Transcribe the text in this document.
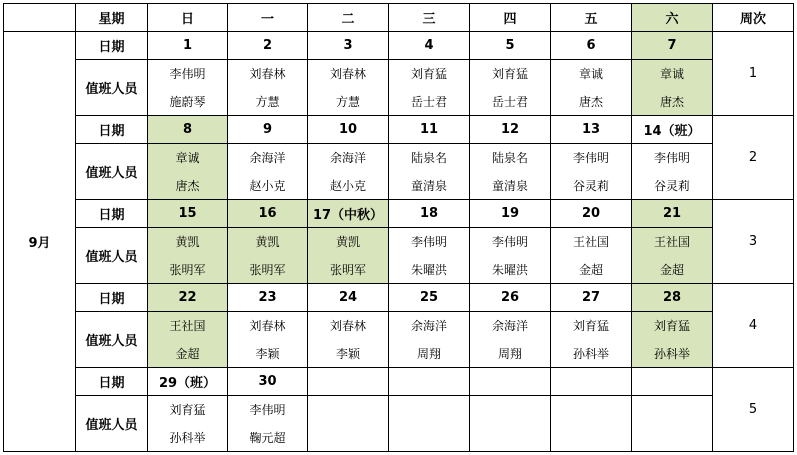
	星期	日	一	二	三	四	五	六	周次
9月	日期	1	2	3	4	5	6	7	1
	值班人员	李伟明	刘春林	刘春林	刘育猛	刘育猛	章诚	章诚	
		施蔚琴	方慧	方慧	岳士君	岳士君	唐杰	唐杰	
	日期	8	9	10	11	12	13	14（班）	2
	值班人员	章诚	余海洋	余海洋	陆泉名	陆泉名	李伟明	李伟明	
		唐杰	赵小克	赵小克	童清泉	童清泉	谷灵莉	谷灵莉	
	日期	15	16	17（中秋）	18	19	20	21	3
	值班人员	黄凯	黄凯	黄凯	李伟明	李伟明	王社国	王社国	
		张明军	张明军	张明军	朱曜洪	朱曜洪	金超	金超	
	日期	22	23	24	25	26	27	28	4
	值班人员	王社国	刘春林	刘春林	余海洋	余海洋	刘育猛	刘育猛	
		金超	李颖	李颖	周翔	周翔	孙科举	孙科举	
	日期	29（班）	30						5
	值班人员	刘育猛	李伟明						
		孙科举	鞠元超						
